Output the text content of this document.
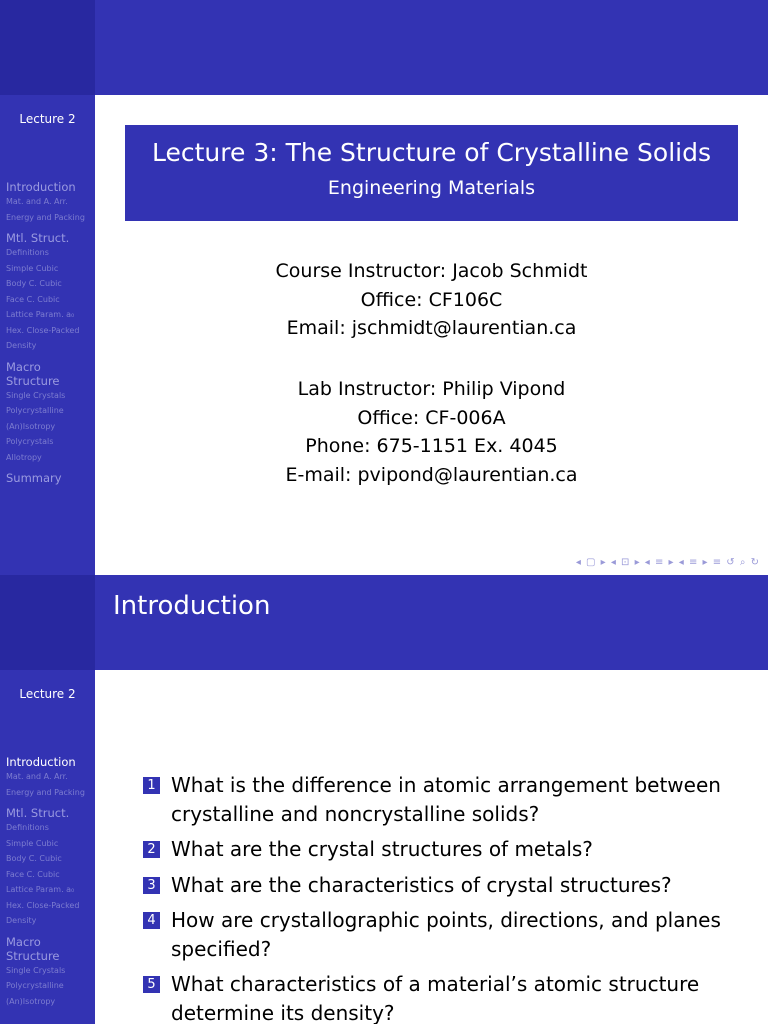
Lecture 2
Introduction
Mat. and A. Arr.
Energy and Packing
Mtl. Struct.
Definitions
Simple Cubic
Body C. Cubic
Face C. Cubic
Lattice Param. a₀
Hex. Close-Packed
Density
Macro Structure
Single Crystals
Polycrystalline
(An)Isotropy
Polycrystals
Allotropy
Summary
Lecture 3: The Structure of Crystalline Solids
Engineering Materials
Course Instructor: Jacob Schmidt
Office: CF106C
Email: jschmidt@laurentian.ca
Lab Instructor: Philip Vipond
Office: CF-006A
Phone: 675-1151 Ex. 4045
E-mail: pvipond@laurentian.ca
◂ ▢ ▸ ◂ ⊡ ▸ ◂ ≡ ▸ ◂ ≡ ▸ ≡ ↺ ⌕ ↻
Lecture 2
Introduction
Mat. and A. Arr.
Energy and Packing
Mtl. Struct.
Definitions
Simple Cubic
Body C. Cubic
Face C. Cubic
Lattice Param. a₀
Hex. Close-Packed
Density
Macro Structure
Single Crystals
Polycrystalline
(An)Isotropy
Introduction
1 What is the difference in atomic arrangement between crystalline and noncrystalline solids?
2 What are the crystal structures of metals?
3 What are the characteristics of crystal structures?
4 How are crystallographic points, directions, and planes specified?
5 What characteristics of a material’s atomic structure determine its density?
